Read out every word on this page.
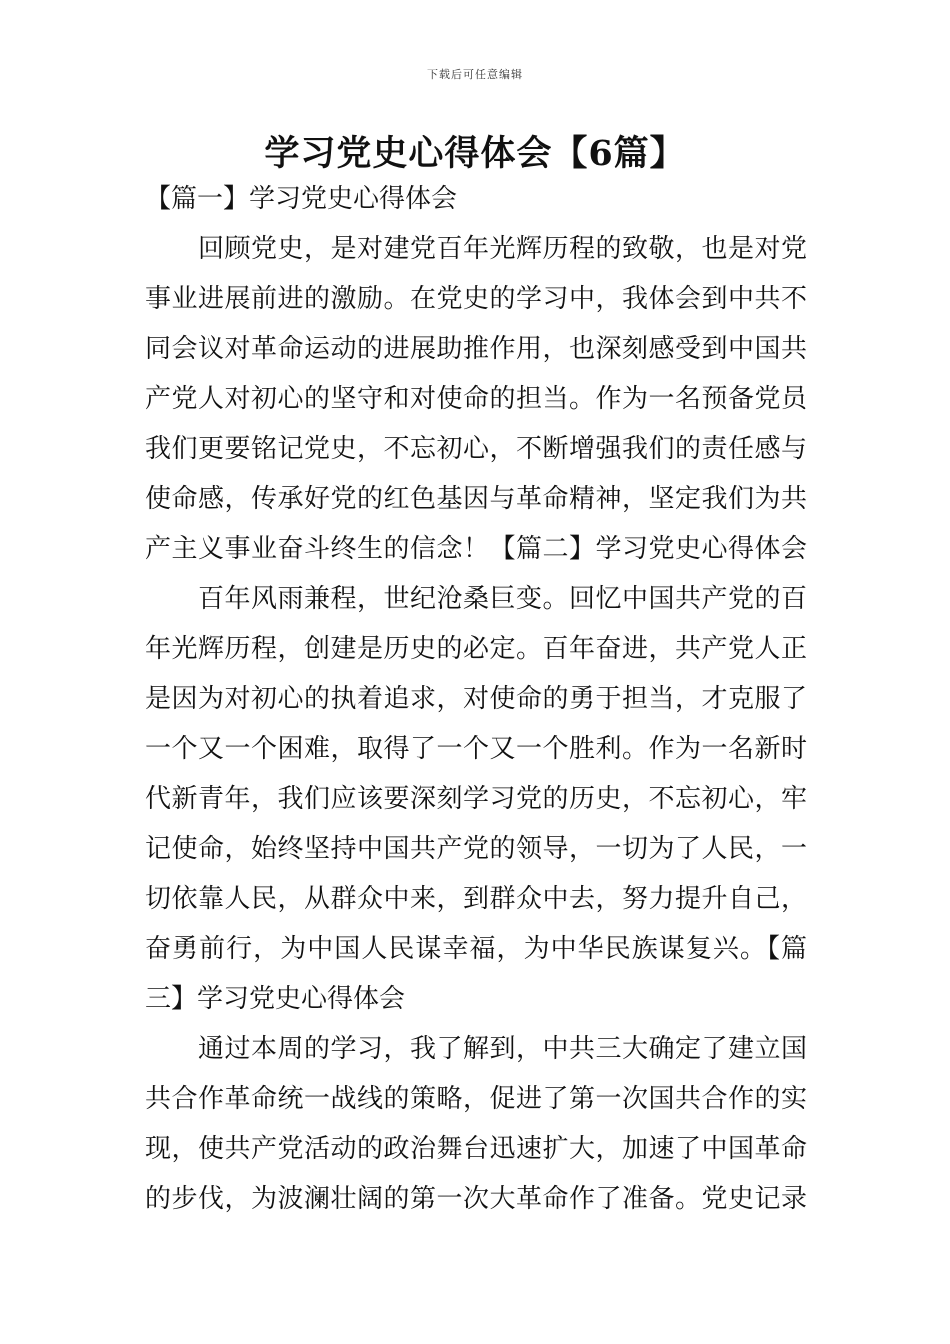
下载后可任意编辑
学习党史心得体会【6篇】
【篇一】学习党史心得体会
　　回顾党史，是对建党百年光辉历程的致敬，也是对党
事业进展前进的激励。在党史的学习中，我体会到中共不
同会议对革命运动的进展助推作用，也深刻感受到中国共
产党人对初心的坚守和对使命的担当。作为一名预备党员
我们更要铭记党史，不忘初心，不断增强我们的责任感与
使命感，传承好党的红色基因与革命精神，坚定我们为共
产主义事业奋斗终生的信念！【篇二】学习党史心得体会
　　百年风雨兼程，世纪沧桑巨变。回忆中国共产党的百
年光辉历程，创建是历史的必定。百年奋进，共产党人正
是因为对初心的执着追求，对使命的勇于担当，才克服了
一个又一个困难，取得了一个又一个胜利。作为一名新时
代新青年，我们应该要深刻学习党的历史，不忘初心，牢
记使命，始终坚持中国共产党的领导，一切为了人民，一
切依靠人民，从群众中来，到群众中去，努力提升自己，
奋勇前行，为中国人民谋幸福，为中华民族谋复兴。【篇
三】学习党史心得体会
　　通过本周的学习，我了解到，中共三大确定了建立国
共合作革命统一战线的策略，促进了第一次国共合作的实
现，使共产党活动的政治舞台迅速扩大，加速了中国革命
的步伐，为波澜壮阔的第一次大革命作了准备。党史记录
